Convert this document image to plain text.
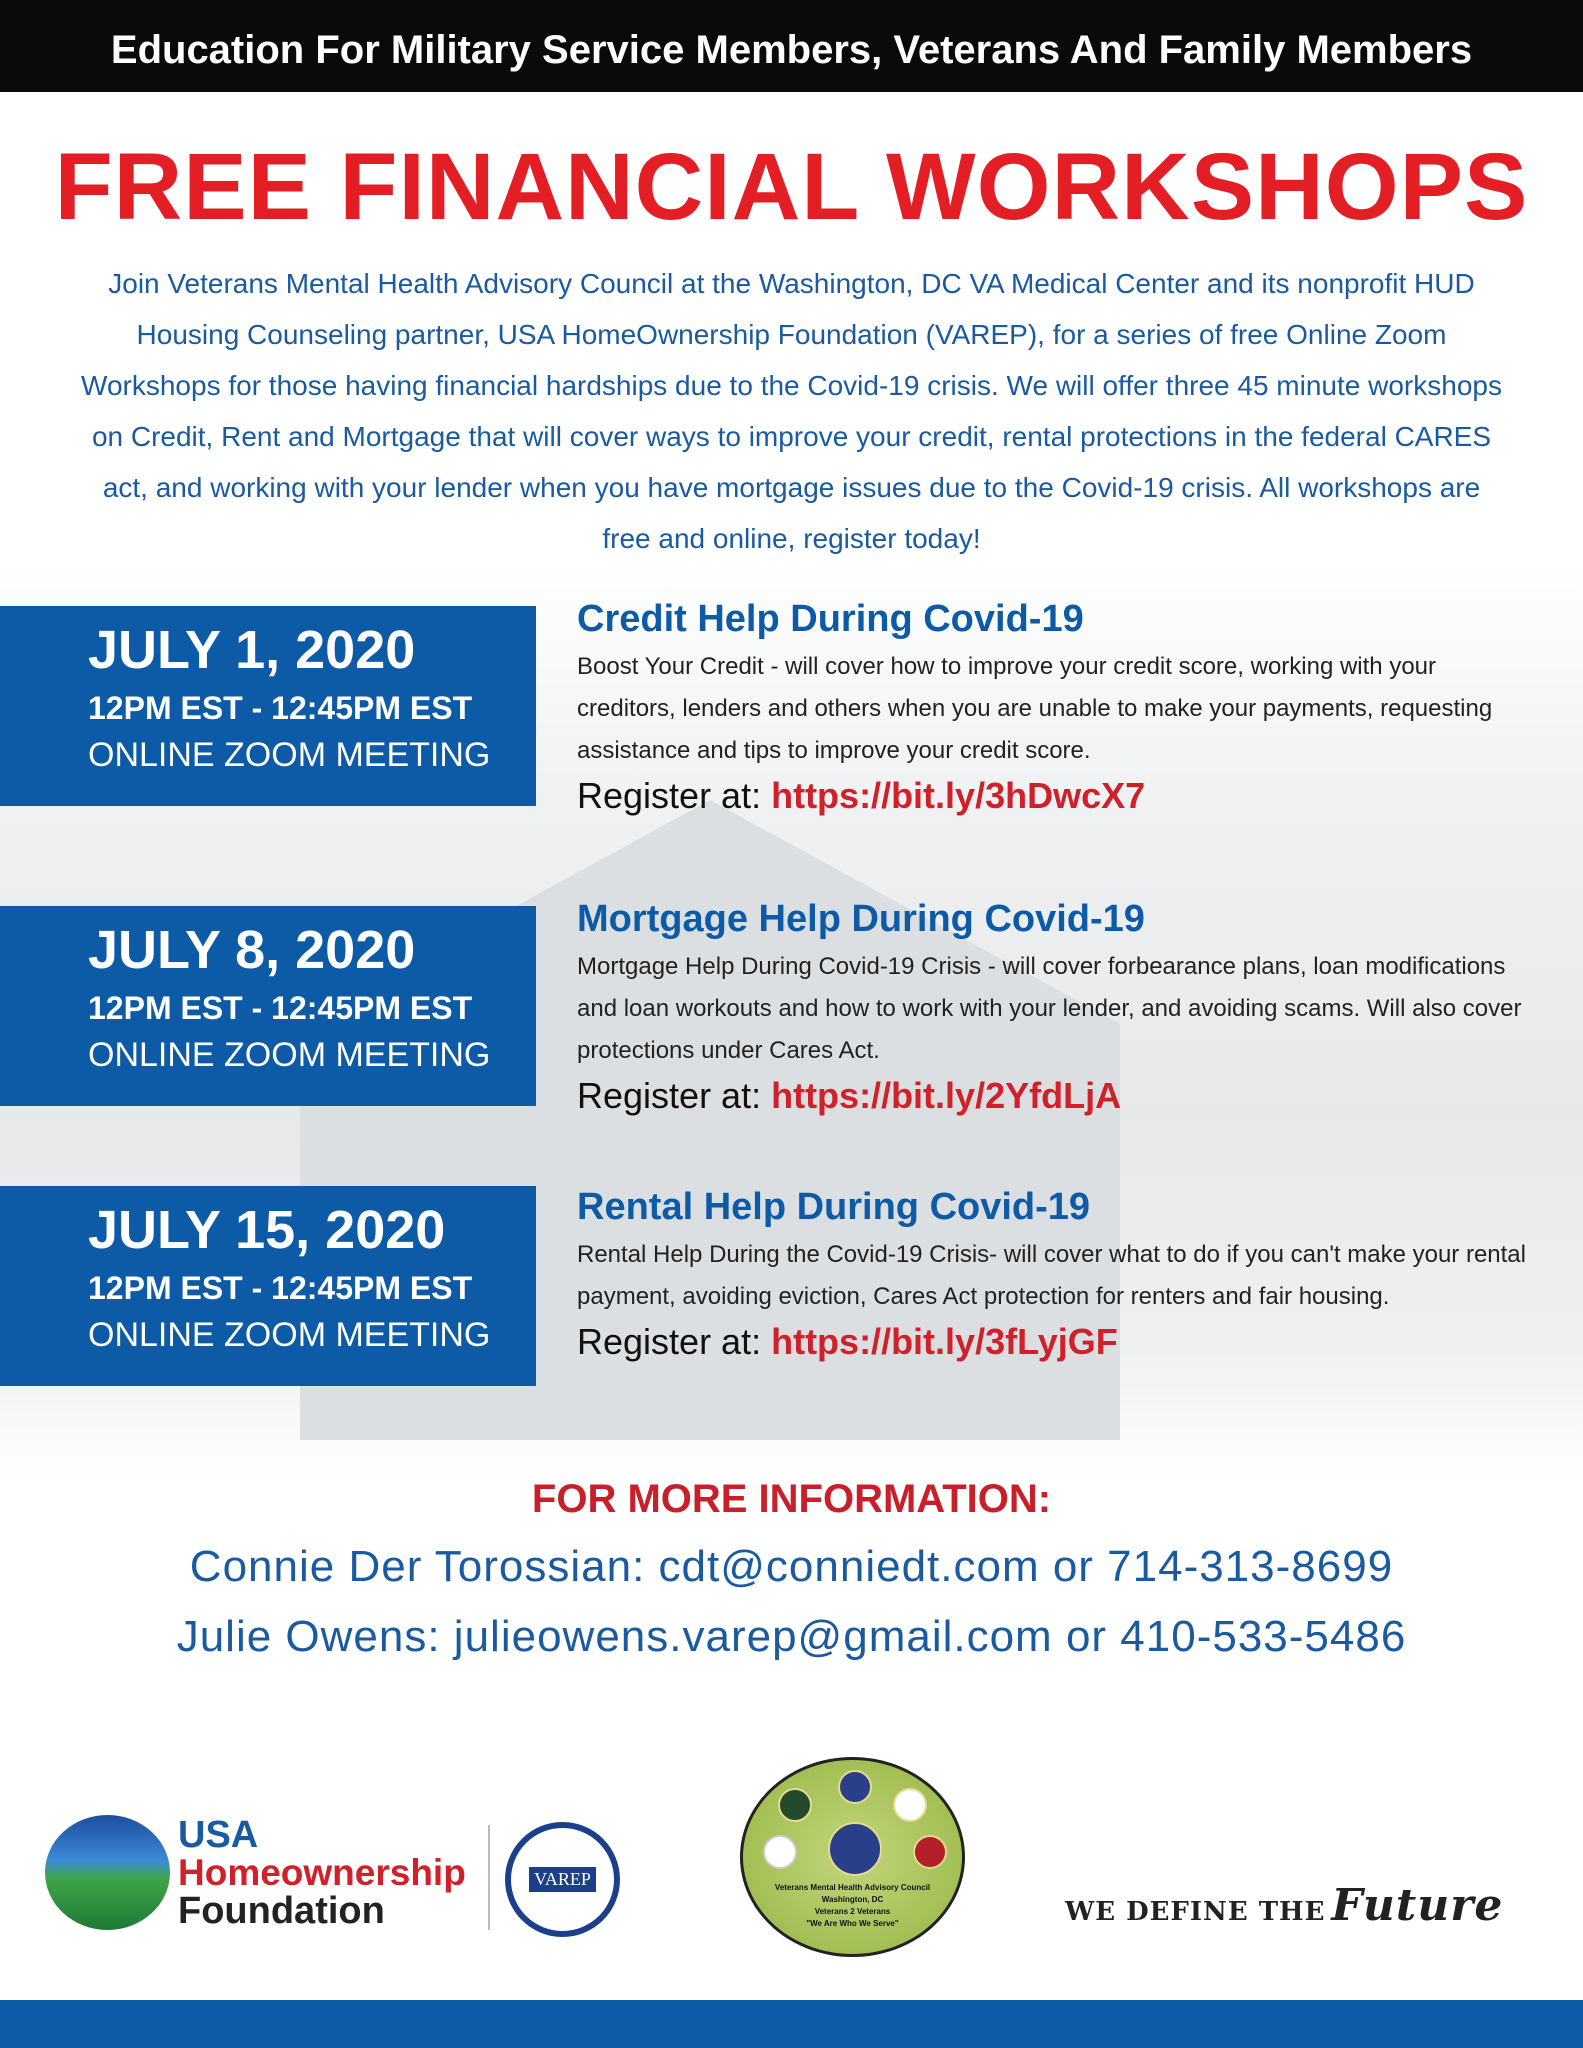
Education For Military Service Members, Veterans And Family Members
FREE FINANCIAL WORKSHOPS
Join Veterans Mental Health Advisory Council at the Washington, DC VA Medical Center and its nonprofit HUD Housing Counseling partner, USA HomeOwnership Foundation (VAREP), for a series of free Online Zoom Workshops for those having financial hardships due to the Covid-19 crisis. We will offer three 45 minute workshops on Credit, Rent and Mortgage that will cover ways to improve your credit, rental protections in the federal CARES act, and working with your lender when you have mortgage issues due to the Covid-19 crisis. All workshops are free and online, register today!
JULY 1, 2020
12PM EST - 12:45PM EST
ONLINE ZOOM MEETING
Credit Help During Covid-19

Boost Your Credit - will cover how to improve your credit score, working with your creditors, lenders and others when you are unable to make your payments, requesting assistance and tips to improve your credit score.

Register at: https://bit.ly/3hDwcX7
JULY 8, 2020
12PM EST - 12:45PM EST
ONLINE ZOOM MEETING
Mortgage Help During Covid-19

Mortgage Help During Covid-19 Crisis - will cover forbearance plans, loan modifications and loan workouts and how to work with your lender, and avoiding scams. Will also cover protections under Cares Act.

Register at: https://bit.ly/2YfdLjA
JULY 15, 2020
12PM EST - 12:45PM EST
ONLINE ZOOM MEETING
Rental Help During Covid-19

Rental Help During the Covid-19 Crisis- will cover what to do if you can't make your rental payment, avoiding eviction, Cares Act protection for renters and fair housing.

Register at: https://bit.ly/3fLyjGF
FOR MORE INFORMATION:
Connie Der Torossian: cdt@conniedt.com or 714-313-8699
Julie Owens: julieowens.varep@gmail.com or 410-533-5486
USA
Homeownership
Foundation
VAREP	Veterans Mental Health Advisory Council
Washington, DC
Veterans 2 Veterans
"We Are Who We Serve"	WE DEFINE THE Future
